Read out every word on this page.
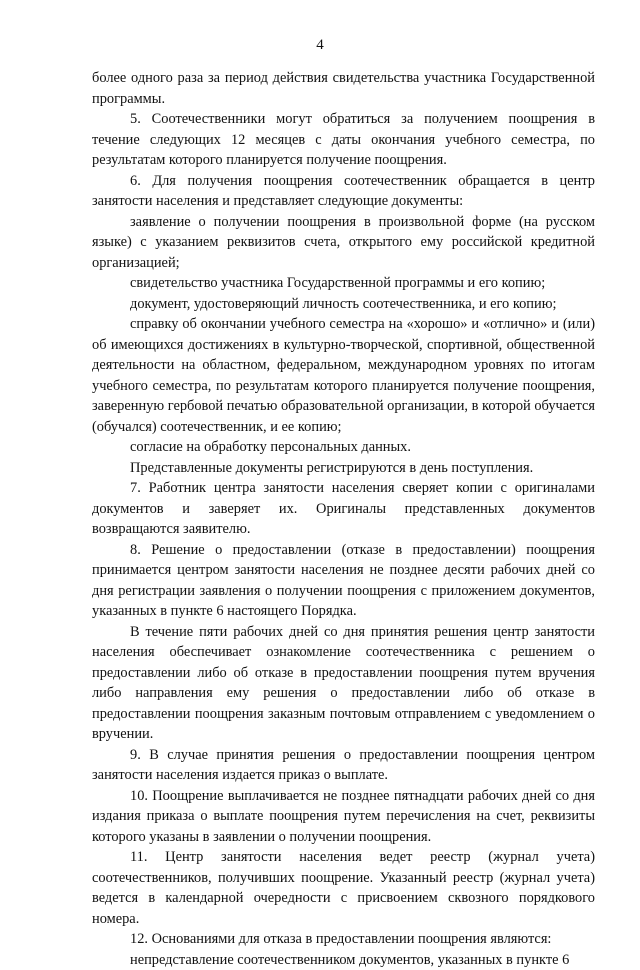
4

более одного раза за период действия свидетельства участника Государственной программы.

5. Соотечественники могут обратиться за получением поощрения в течение следующих 12 месяцев с даты окончания учебного семестра, по результатам которого планируется получение поощрения.

6. Для получения поощрения соотечественник обращается в центр занятости населения и представляет следующие документы:

заявление о получении поощрения в произвольной форме (на русском языке) с указанием реквизитов счета, открытого ему российской кредитной организацией;

свидетельство участника Государственной программы и его копию;

документ, удостоверяющий личность соотечественника, и его копию;

справку об окончании учебного семестра на «хорошо» и «отлично» и (или) об имеющихся достижениях в культурно-творческой, спортивной, общественной деятельности на областном, федеральном, международном уровнях по итогам учебного семестра, по результатам которого планируется получение поощрения, заверенную гербовой печатью образовательной организации, в которой обучается (обучался) соотечественник, и ее копию;

согласие на обработку персональных данных.

Представленные документы регистрируются в день поступления.

7. Работник центра занятости населения сверяет копии с оригиналами документов и заверяет их. Оригиналы представленных документов возвращаются заявителю.

8. Решение о предоставлении (отказе в предоставлении) поощрения принимается центром занятости населения не позднее десяти рабочих дней со дня регистрации заявления о получении поощрения с приложением документов, указанных в пункте 6 настоящего Порядка.

В течение пяти рабочих дней со дня принятия решения центр занятости населения обеспечивает ознакомление соотечественника с решением о предоставлении либо об отказе в предоставлении поощрения путем вручения либо направления ему решения о предоставлении либо об отказе в предоставлении поощрения заказным почтовым отправлением с уведомлением о вручении.

9. В случае принятия решения о предоставлении поощрения центром занятости населения издается приказ о выплате.

10. Поощрение выплачивается не позднее пятнадцати рабочих дней со дня издания приказа о выплате поощрения путем перечисления на счет, реквизиты которого указаны в заявлении о получении поощрения.

11. Центр занятости населения ведет реестр (журнал учета) соотечественников, получивших поощрение. Указанный реестр (журнал учета) ведется в календарной очередности с присвоением сквозного порядкового номера.

12. Основаниями для отказа в предоставлении поощрения являются:

непредставление соотечественником документов, указанных в пункте 6
